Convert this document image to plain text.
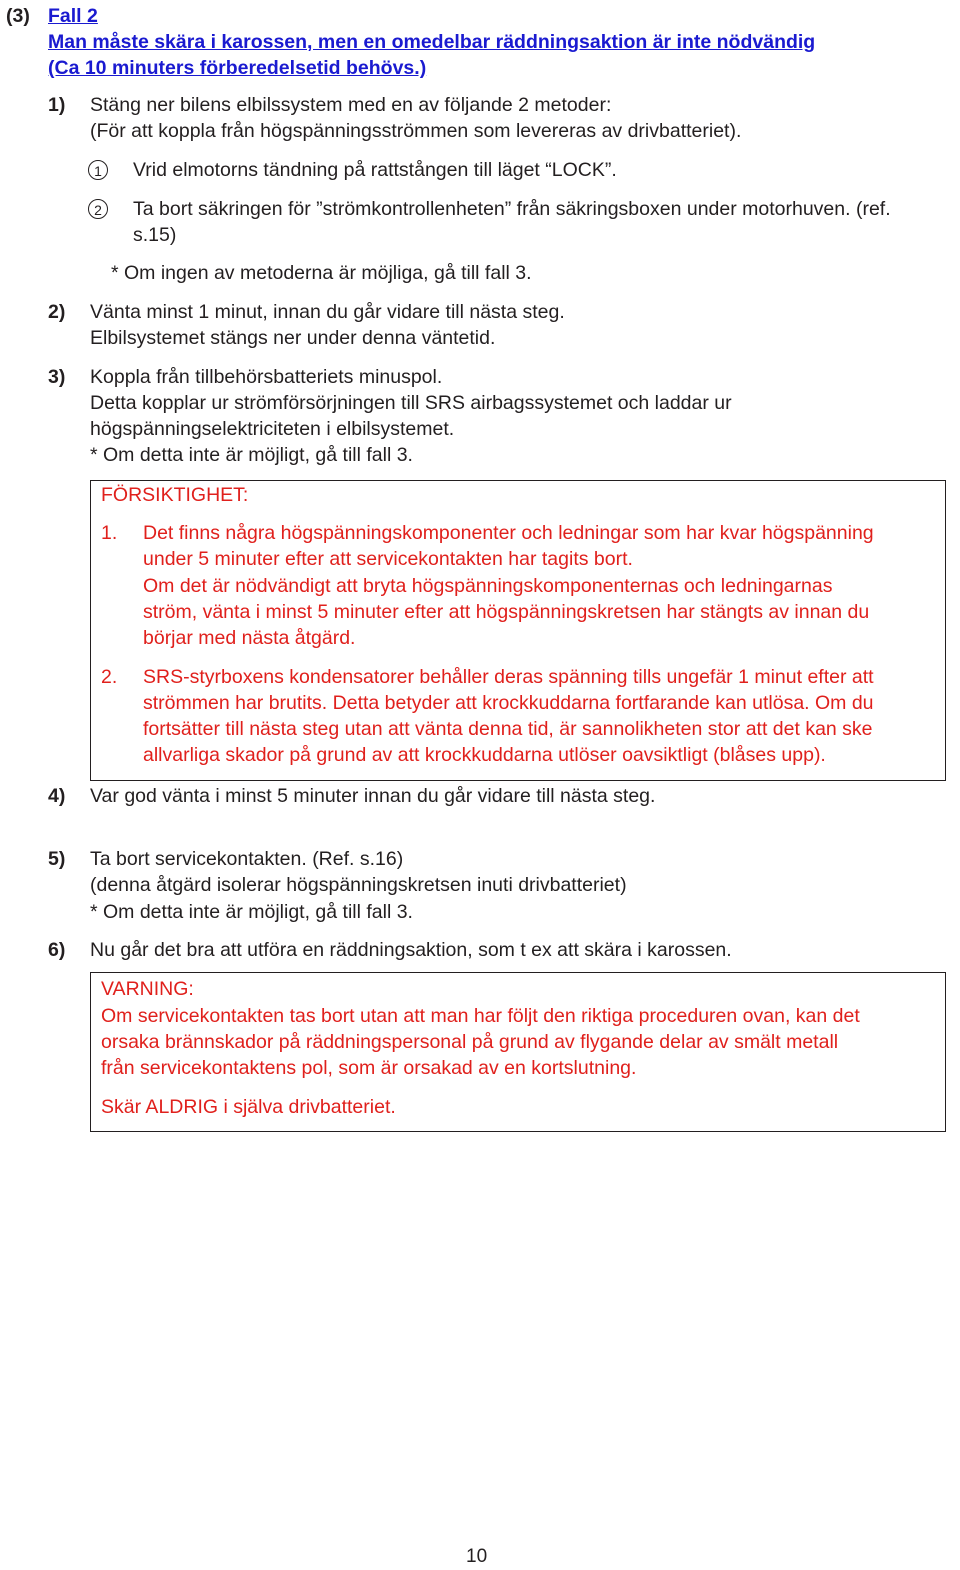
(3) Fall 2
Man måste skära i karossen, men en omedelbar räddningsaktion är inte nödvändig
(Ca 10 minuters förberedelsetid behövs.)
1) Stäng ner bilens elbilssystem med en av följande 2 metoder:
(För att koppla från högspänningsströmmen som levereras av drivbatteriet).
1	Vrid elmotorns tändning på rattstången till läget “LOCK”.
2	Ta bort säkringen för ”strömkontrollenheten” från säkringsboxen under motorhuven. (ref.
s.15)
* Om ingen av metoderna är möjliga, gå till fall 3.
2) Vänta minst 1 minut, innan du går vidare till nästa steg.
Elbilsystemet stängs ner under denna väntetid.
3) Koppla från tillbehörsbatteriets minuspol.
Detta kopplar ur strömförsörjningen till SRS airbagssystemet och laddar ur
högspänningselektriciteten i elbilsystemet.
* Om detta inte är möjligt, gå till fall 3.
FÖRSIKTIGHET:
1. Det finns några högspänningskomponenter och ledningar som har kvar högspänning
under 5 minuter efter att servicekontakten har tagits bort.
Om det är nödvändigt att bryta högspänningskomponenternas och ledningarnas
ström, vänta i minst 5 minuter efter att högspänningskretsen har stängts av innan du
börjar med nästa åtgärd.
2. SRS-styrboxens kondensatorer behåller deras spänning tills ungefär 1 minut efter att
strömmen har brutits. Detta betyder att krockkuddarna fortfarande kan utlösa. Om du
fortsätter till nästa steg utan att vänta denna tid, är sannolikheten stor att det kan ske
allvarliga skador på grund av att krockkuddarna utlöser oavsiktligt (blåses upp).
4) Var god vänta i minst 5 minuter innan du går vidare till nästa steg.
5) Ta bort servicekontakten. (Ref. s.16)
(denna åtgärd isolerar högspänningskretsen inuti drivbatteriet)
* Om detta inte är möjligt, gå till fall 3.
6) Nu går det bra att utföra en räddningsaktion, som t ex att skära i karossen.
VARNING:
Om servicekontakten tas bort utan att man har följt den riktiga proceduren ovan, kan det
orsaka brännskador på räddningspersonal på grund av flygande delar av smält metall
från servicekontaktens pol, som är orsakad av en kortslutning.
Skär ALDRIG i själva drivbatteriet.
10
